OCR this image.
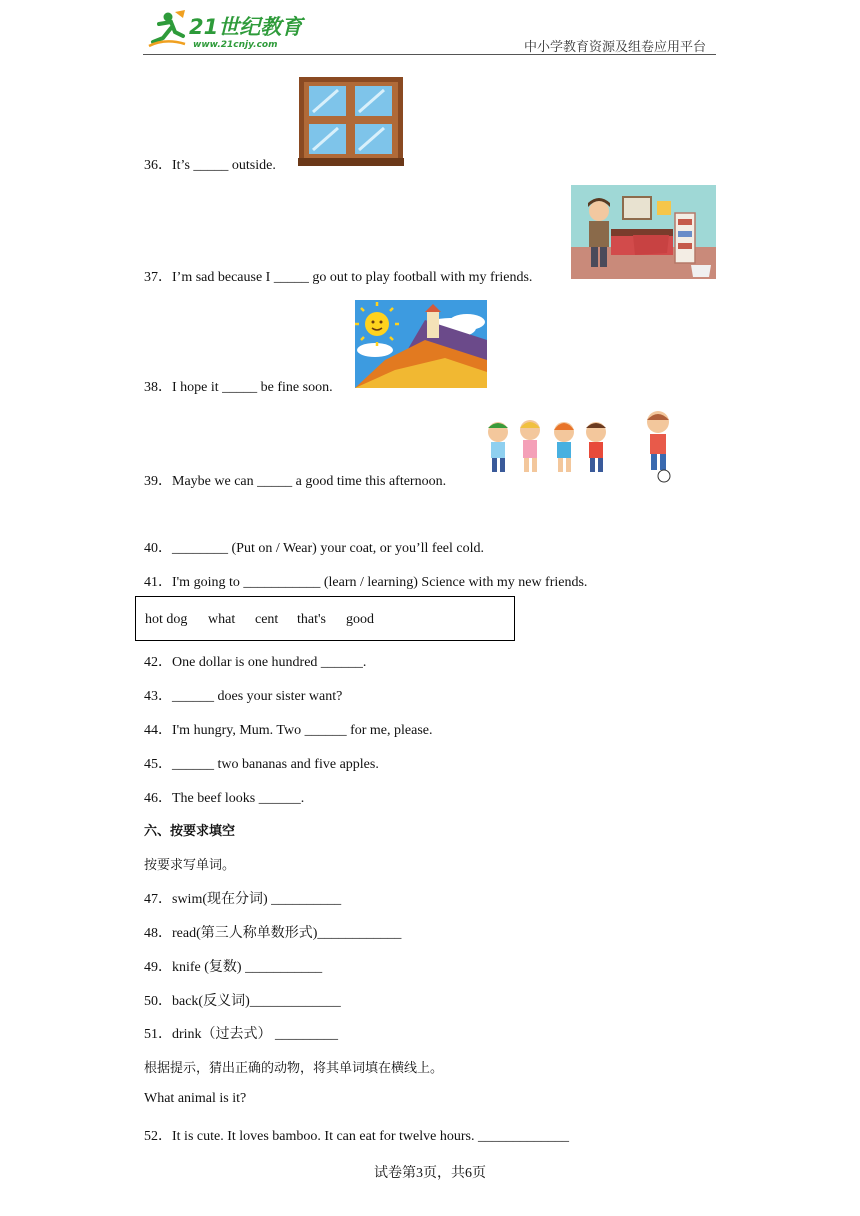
21世纪教育
www.21cnjy.com	中小学教育资源及组卷应用平台
36．It’s _____ outside.
37．I’m sad because I _____ go out to play football with my friends.
38．I hope it _____ be fine soon.
39．Maybe we can _____ a good time this afternoon.
40．________ (Put on / Wear) your coat, or you’ll feel cold.
41．I'm going to ___________ (learn / learning) Science with my new friends.
hot dog what cent that's good
42．One dollar is one hundred ______.
43．______ does your sister want?
44．I'm hungry, Mum. Two ______ for me, please.
45．______ two bananas and five apples.
46．The beef looks ______.
六、按要求填空
按要求写单词。
47．swim(现在分词) __________
48．read(第三人称单数形式)____________
49．knife (复数) ___________
50．back(反义词)_____________
51．drink（过去式） _________
根据提示，猜出正确的动物，将其单词填在横线上。
What animal is it?
52．It is cute. It loves bamboo. It can eat for twelve hours. _____________
试卷第3页，共6页
